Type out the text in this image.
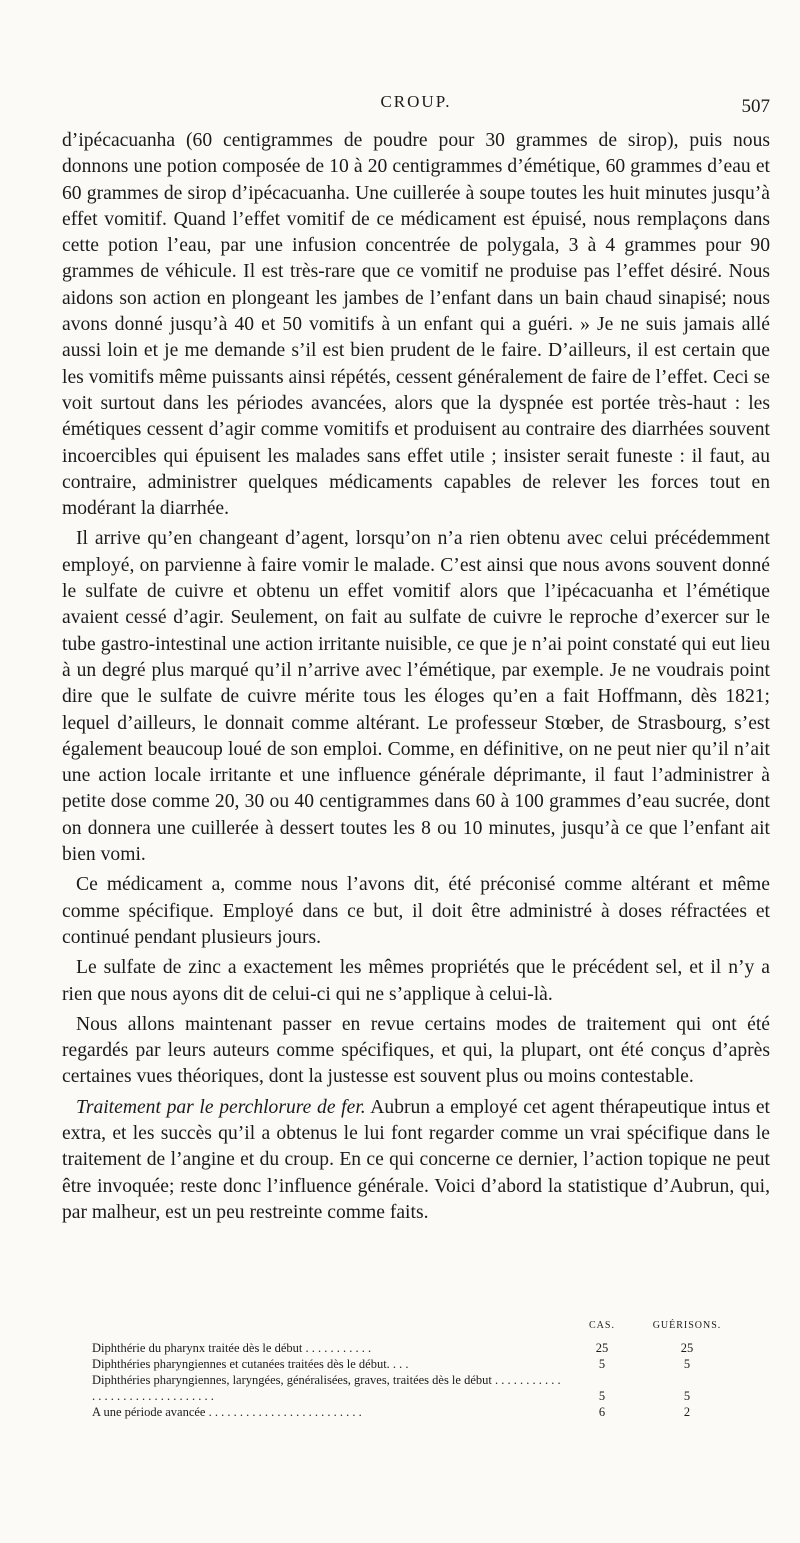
CROUP.	507

d’ipécacuanha (60 centigrammes de poudre pour 30 grammes de sirop), puis nous donnons une potion composée de 10 à 20 centigrammes d’émétique, 60 grammes d’eau et 60 grammes de sirop d’ipécacuanha. Une cuillerée à soupe toutes les huit minutes jusqu’à effet vomitif. Quand l’effet vomitif de ce médicament est épuisé, nous remplaçons dans cette potion l’eau, par une infusion concentrée de polygala, 3 à 4 grammes pour 90 grammes de véhicule. Il est très-rare que ce vomitif ne produise pas l’effet désiré. Nous aidons son action en plongeant les jambes de l’enfant dans un bain chaud sinapisé; nous avons donné jusqu’à 40 et 50 vomitifs à un enfant qui a guéri. » Je ne suis jamais allé aussi loin et je me demande s’il est bien prudent de le faire. D’ailleurs, il est certain que les vomitifs même puissants ainsi répétés, cessent généralement de faire de l’effet. Ceci se voit surtout dans les périodes avancées, alors que la dyspnée est portée très-haut : les émétiques cessent d’agir comme vomitifs et produisent au contraire des diarrhées souvent incoercibles qui épuisent les malades sans effet utile ; insister serait funeste : il faut, au contraire, administrer quelques médicaments capables de relever les forces tout en modérant la diarrhée.

Il arrive qu’en changeant d’agent, lorsqu’on n’a rien obtenu avec celui précédemment employé, on parvienne à faire vomir le malade. C’est ainsi que nous avons souvent donné le sulfate de cuivre et obtenu un effet vomitif alors que l’ipécacuanha et l’émétique avaient cessé d’agir. Seulement, on fait au sulfate de cuivre le reproche d’exercer sur le tube gastro-intestinal une action irritante nuisible, ce que je n’ai point constaté qui eut lieu à un degré plus marqué qu’il n’arrive avec l’émétique, par exemple. Je ne voudrais point dire que le sulfate de cuivre mérite tous les éloges qu’en a fait Hoffmann, dès 1821; lequel d’ailleurs, le donnait comme altérant. Le professeur Stœber, de Strasbourg, s’est également beaucoup loué de son emploi. Comme, en définitive, on ne peut nier qu’il n’ait une action locale irritante et une influence générale déprimante, il faut l’administrer à petite dose comme 20, 30 ou 40 centigrammes dans 60 à 100 grammes d’eau sucrée, dont on donnera une cuillerée à dessert toutes les 8 ou 10 minutes, jusqu’à ce que l’enfant ait bien vomi.

Ce médicament a, comme nous l’avons dit, été préconisé comme altérant et même comme spécifique. Employé dans ce but, il doit être administré à doses réfractées et continué pendant plusieurs jours.

Le sulfate de zinc a exactement les mêmes propriétés que le précédent sel, et il n’y a rien que nous ayons dit de celui-ci qui ne s’applique à celui-là.

Nous allons maintenant passer en revue certains modes de traitement qui ont été regardés par leurs auteurs comme spécifiques, et qui, la plupart, ont été conçus d’après certaines vues théoriques, dont la justesse est souvent plus ou moins contestable.

Traitement par le perchlorure de fer. Aubrun a employé cet agent thérapeutique intus et extra, et les succès qu’il a obtenus le lui font regarder comme un vrai spécifique dans le traitement de l’angine et du croup. En ce qui concerne ce dernier, l’action topique ne peut être invoquée; reste donc l’influence générale. Voici d’abord la statistique d’Aubrun, qui, par malheur, est un peu restreinte comme faits.

	CAS.	GUÉRISONS.
Diphthérie du pharynx traitée dès le début . . . . . . . . . . .	25	25
Diphthéries pharyngiennes et cutanées traitées dès le début. . . .	5	5
Diphthéries pharyngiennes, laryngées, généralisées, graves, traitées dès le début . . . . . . . . . . . . . . . . . . . . . . . . . . . . . . .	5	5
A une période avancée . . . . . . . . . . . . . . . . . . . . . . . . .	6	2
